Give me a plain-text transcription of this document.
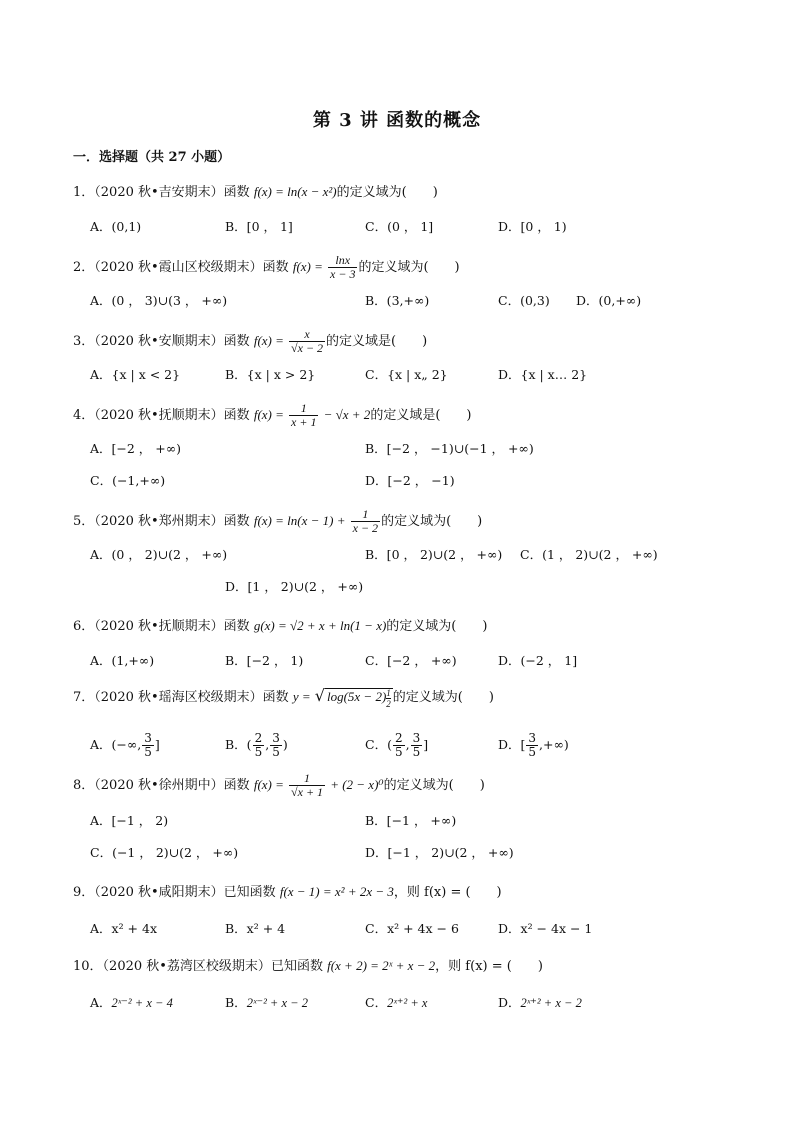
第 3 讲 函数的概念
一．选择题（共 27 小题）
1．（2020 秋•吉安期末）函数 f(x) = ln(x − x²)的定义域为(　　)
A．(0,1)	B．[0 ， 1]	C．(0 ， 1]	D．[0 ， 1)
2．（2020 秋•霞山区校级期末）函数 $f(x) = \frac{\ln x}{x - 3}$ 的定义域为(　　)
A．(0 ， 3)∪(3 ， +∞)	B．(3,+∞)	C．(0,3) D．(0,+∞)
3．（2020 秋•安顺期末）函数 $f(x) = \frac{x}{√x - 2}$ 的定义域是(　　)
A．{x | x < 2}	B．{x | x > 2}	C．{x | x„ 2}	D．{x | x… 2}
4．（2020 秋•抚顺期末）函数 $f(x) = \frac{1}{x + 1} - √x + 2$的定义域是(　　)
A．[−2 ， +∞)	B．[−2 ， −1)∪(−1 ， +∞)
C．(−1,+∞)	D．[−2 ， −1)
5．（2020 秋•郑州期末）函数 $f(x) = \ln(x - 1) + \frac{1}{x - 2}$ 的定义域为(　　)
A．(0 ， 2)∪(2 ， +∞)	B．[0 ， 2)∪(2 ， +∞) C．(1 ， 2)∪(2 ， +∞)
D．[1 ， 2)∪(2 ， +∞)
6．（2020 秋•抚顺期末）函数 g(x) = √2 + x + ln(1 − x)的定义域为(　　)
A．(1,+∞)	B．[−2 ， 1)	C．[−2 ， +∞)	D．(−2 ， 1]
7．（2020 秋•瑶海区校级期末）函数 y = √ $\log(5x - 2)\frac{1}{2}$ 的定义域为(　　)
A．(−∞, $\frac{3}{5}$ ]	B．( $\frac{2}{5}$ , $\frac{3}{5}$ )	C．( $\frac{2}{5}$ , $\frac{3}{5}$ ]	D．[ $\frac{3}{5}$ ,+∞)
8．（2020 秋•徐州期中）函数 $f(x) = \frac{1}{√x + 1} + (2 - x)^0$的定义域为(　　)
A．[−1 ， 2)	B．[−1 ， +∞)
C．(−1 ， 2)∪(2 ， +∞)	D．[−1 ， 2)∪(2 ， +∞)
9．（2020 秋•咸阳期末）已知函数 f(x − 1) = x² + 2x − 3，则 f(x) = (　　)
A．x² + 4x	B．x² + 4	C．x² + 4x − 6	D．x² − 4x − 1
10．（2020 秋•荔湾区校级期末）已知函数 f(x + 2) = 2ˣ + x − 2，则 f(x) = (　　)
A．2ˣ⁻² + x − 4	B．2ˣ⁻² + x − 2	C．2ˣ⁺² + x	D．2ˣ⁺² + x − 2
